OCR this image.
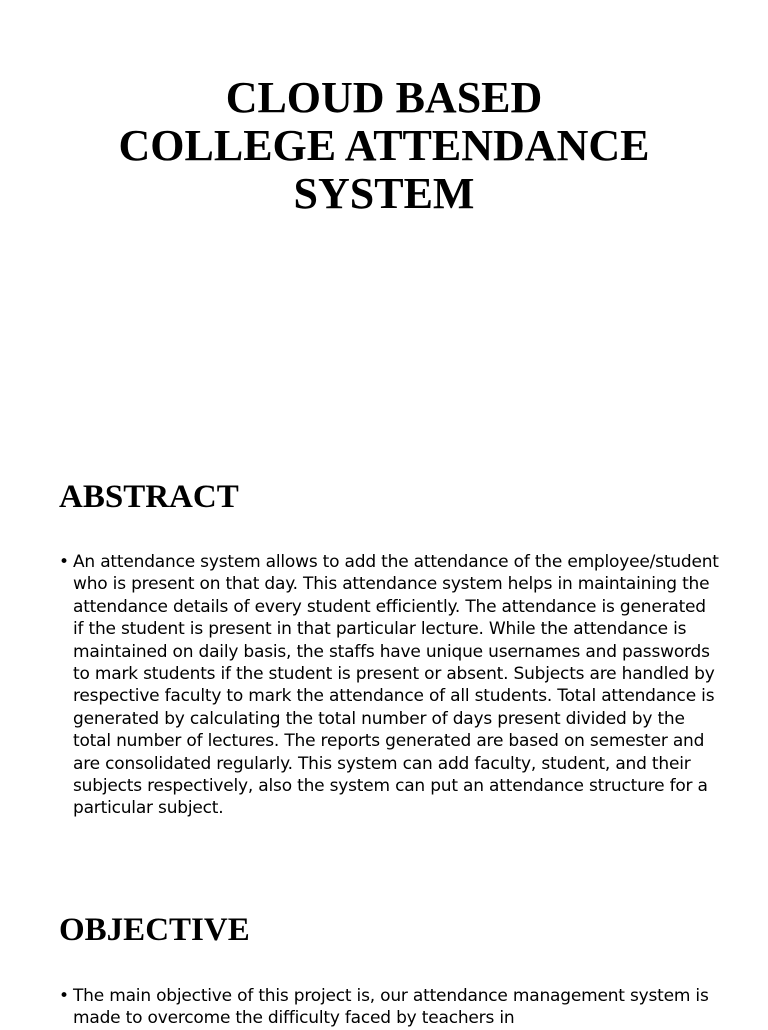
CLOUD BASED
COLLEGE ATTENDANCE
SYSTEM
ABSTRACT
• An attendance system allows to add the attendance of the employee/student who is present on that day. This attendance system helps in maintaining the attendance details of every student efficiently. The attendance is generated if the student is present in that particular lecture. While the attendance is maintained on daily basis, the staffs have unique usernames and passwords to mark students if the student is present or absent. Subjects are handled by respective faculty to mark the attendance of all students. Total attendance is generated by calculating the total number of days present divided by the total number of lectures. The reports generated are based on semester and are consolidated regularly. This system can add faculty, student, and their subjects respectively, also the system can put an attendance structure for a particular subject.
OBJECTIVE
• The main objective of this project is, our attendance management system is made to overcome the difficulty faced by teachers in
